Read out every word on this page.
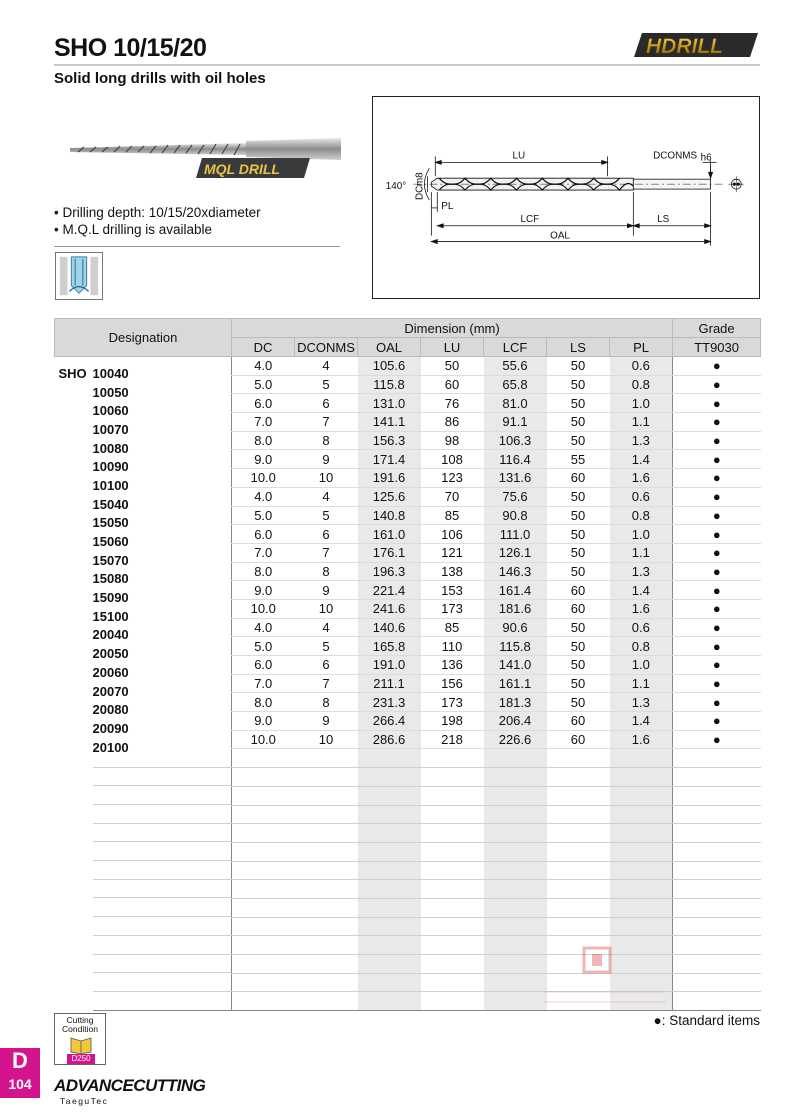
SHO 10/15/20
Solid long drills with oil holes
HDRILL
MQL DRILL
• Drilling depth: 10/15/20xdiameter
• M.Q.L drilling is available
LU	DCONMS h6
140° DC
m8
PL
LCF	LS
OAL
Designation	Dimension (mm)							Grade
	DC	DCONMS	OAL	LU	LCF	LS	PL	TT9030

SHO 10040	4.0	4	105.6	50	55.6	50	0.6	●

10050	5.0	5	115.8	60	65.8	50	0.8	●

10060	6.0	6	131.0	76	81.0	50	1.0	●

10070	7.0	7	141.1	86	91.1	50	1.1	●

10080	8.0	8	156.3	98	106.3	50	1.3	●

10090	9.0	9	171.4	108	116.4	55	1.4	●

10100	10.0	10	191.6	123	131.6	60	1.6	●

15040	4.0	4	125.6	70	75.6	50	0.6	●

15050	5.0	5	140.8	85	90.8	50	0.8	●

15060	6.0	6	161.0	106	111.0	50	1.0	●

15070	7.0	7	176.1	121	126.1	50	1.1	●

15080	8.0	8	196.3	138	146.3	50	1.3	●

15090	9.0	9	221.4	153	161.4	60	1.4	●

15100	10.0	10	241.6	173	181.6	60	1.6	●

20040	4.0	4	140.6	85	90.6	50	0.6	●

20050	5.0	5	165.8	110	115.8	50	0.8	●

20060	6.0	6	191.0	136	141.0	50	1.0	●

20070	7.0	7	211.1	156	161.1	50	1.1	●

20080	8.0	8	231.3	173	181.3	50	1.3	●

20090	9.0	9	266.4	198	206.4	60	1.4	●

20100	10.0	10	286.6	218	226.6	60	1.6	●

●: Standard items
Cutting
Condition
D250
D
104	ADVANCECUTTING
TaeguTec
